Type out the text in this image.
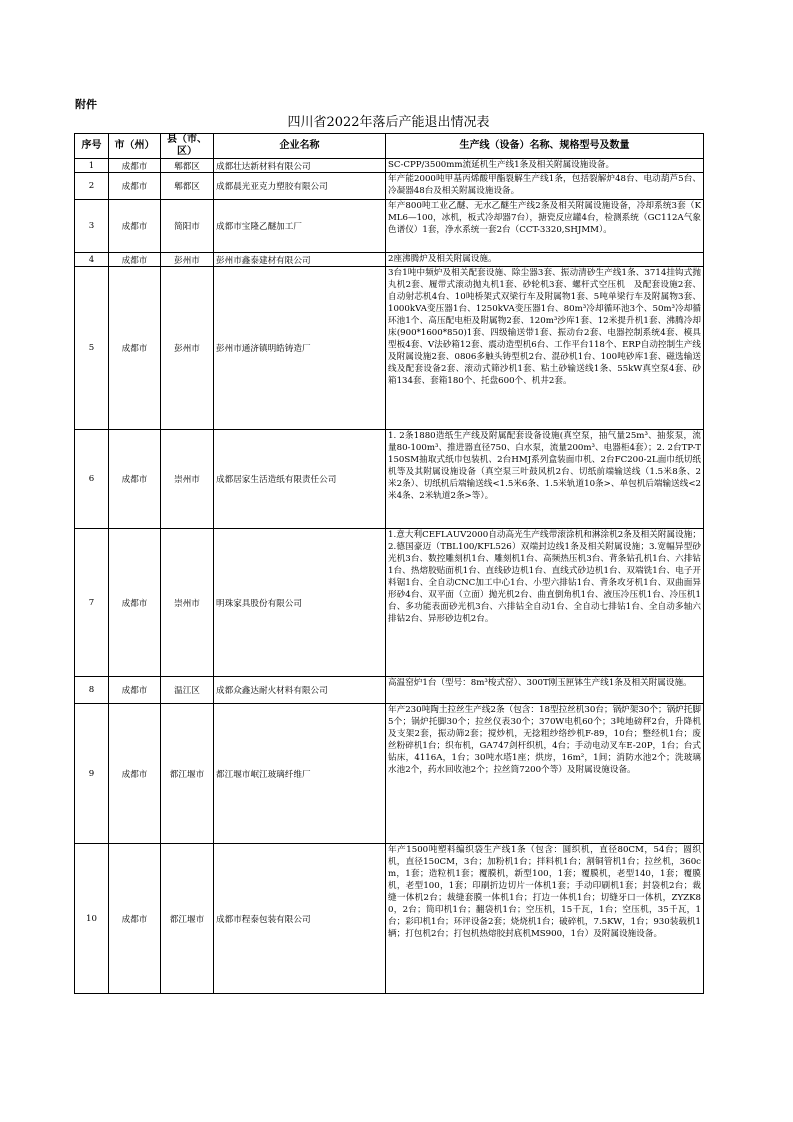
附件
四川省2022年落后产能退出情况表
序号	市（州）	县（市、区）	企业名称	生产线（设备）名称、规格型号及数量
1	成都市	郫都区	成都壮达新材料有限公司	SC-CPP/3500mm流延机生产线1条及相关附属设施设备。
2	成都市	郫都区	成都晨光亚克力塑胶有限公司	年产能2000吨甲基丙烯酸甲酯裂解生产线1条，包括裂解炉48台、电动葫芦5台、冷凝器48台及相关附属设施设备。
3	成都市	简阳市	成都市宝隆乙醚加工厂	年产800吨工业乙醚、无水乙醚生产线2条及相关附属设施设备，冷却系统3套（KML6—100，冰机，板式冷却器7台），搪瓷反应罐4台，检测系统（GC112A气象色谱仪）1套，净水系统一套2台（CCT-3320,SHJMM）。
4	成都市	彭州市	彭州市鑫泰建材有限公司	2座沸腾炉及相关附属设施。
5	成都市	彭州市	彭州市通济镇明皓铸造厂	3台1吨中频炉及相关配套设施、除尘器3套、振动清砂生产线1条、3714挂钩式抛丸机2套、履带式滚动抛丸机1套、砂轮机3套、螺杆式空压机　及配套设施2套、自动射芯机4台、10吨桥架式双梁行车及附属物1套、5吨单梁行车及附属物3套、1000kVA变压器1台、1250kVA变压器1台、80m³冷却循环池3个、50m³冷却循环池1个、高压配电柜及附属物2套、120m³沙库1套、12米提升机1套、沸腾冷却床(900*1600*850)1套、四级输送带1套、振动台2套、电器控制系统4套、模具型板4套、V法砂箱12套、震动造型机6台、工作平台118个、ERP自动控制生产线及附属设施2套、0806多触头铸型机2台、混砂机1台、100吨砂库1套、磁选输送线及配套设备2套、滚动式筛沙机1套、粘土砂输送线1条、55kW真空泵4套、砂箱134套、套箱180个、托盘600个、机井2套。
6	成都市	崇州市	成都居家生活造纸有限责任公司	1. 2条1880造纸生产线及附属配套设备设施(真空泵，抽气量25m³、抽浆泵，流量80-100m³、推进器直径750、白水泵，流量200m³、电器柜4套）；2. 2台TP-T150SM抽取式纸巾包装机、2台HMJ系列盒装面巾机、2台FC200-2L面巾纸切纸机等及其附属设施设备（真空泵三叶鼓风机2台、切纸前端输送线（1.5米8条、2米2条）、切纸机后端输送线<1.5米6条、1.5米轨道10条>、单包机后端输送线<2米4条、2米轨道2条>等）。
7	成都市	崇州市	明珠家具股份有限公司	1.意大利CEFLAUV2000自动高光生产线带滚涂机和淋涂机2条及相关附属设施；2.德国豪迈（TBL100/KFL526）双端封边线1条及相关附属设施；3.宽幅异型砂光机3台、数控雕刻机1台、雕刻机1台、高频热压机3台、背条钻孔机1台、六排钻1台、热熔胶贴面机1台、直线砂边机1台、直线式砂边机1台、双端铣1台、电子开料锯1台、全自动CNC加工中心1台、小型六排钻1台、背条攻牙机1台、双曲面异形砂4台、双平面（立面）抛光机2台、曲直倒角机1台、液压冷压机1台、冷压机1台、多功能表面砂光机3台、六排钻全自动1台、全自动七排钻1台、全自动多轴六排钻2台、异形砂边机2台。
8	成都市	温江区	成都众鑫达耐火材料有限公司	高温窑炉1台（型号：8m³梭式窑）、300T刚玉匣钵生产线1条及相关附属设施。
9	成都市	都江堰市	都江堰市岷江玻璃纤维厂	年产230吨陶土拉丝生产线2条（包含：18型拉丝机30台；锅炉架30个；锅炉托脚5个；锅炉托脚30个；拉丝仪表30个；370W电机60个；3吨地磅秤2台，升降机及支架2套，振动筛2套；搅炒机，无捻粗纱络纱机F-89，10台；整经机1台；废丝粉碎机1台；织布机，GA747剑杆织机，4台；手动电动叉车E-20P，1台；台式钻床，4116A，1台；30吨水塔1座；烘房，16m²，1间；消防水池2个；洗玻璃水池2个，药水回收池2个；拉丝筒7200个等）及附属设施设备。
10	成都市	都江堰市	成都市程泰包装有限公司	年产1500吨塑料编织袋生产线1条（包含：圆织机，直径80CM，54台；圆织机，直径150CM，3台；加粉机1台；拌料机1台；割铜管机1台；拉丝机，360cm，1套；造粒机1套；覆膜机，新型100，1套；覆膜机，老型140，1套；覆膜机，老型100，1套；印刷折边切片一体机1套；手动印刷机1套；封袋机2台；裁缝一体机2台；裁缝套膜一体机1台；打边一体机1台；切缝牙口一体机，ZYZK80，2台；筒印机1台；翻袋机1台；空压机，15千瓦，1台；空压机，35千瓦，1台；彩印机1台；环评设备2套；烧烧机1台；破碎机，7.5KW，1台；930装载机1辆；打包机2台；打包机热熔胶封底机MS900，1台）及附属设施设备。
